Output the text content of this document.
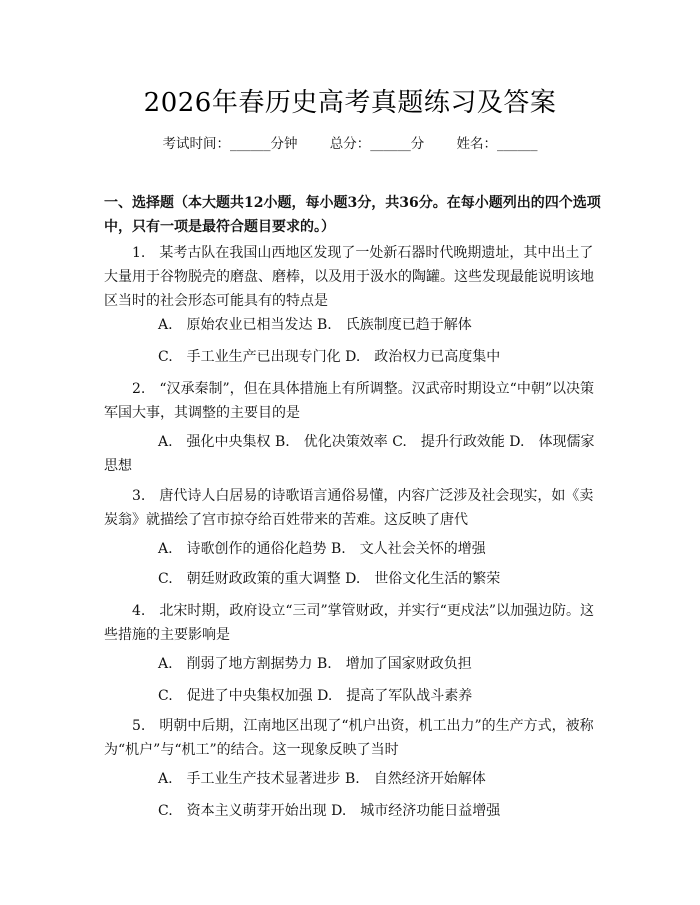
2026年春历史高考真题练习及答案
考试时间：______分钟 总分：______分 姓名：______
一、选择题（本大题共12小题，每小题3分，共36分。在每小题列出的四个选项中，只有一项是最符合题目要求的。）
1.　某考古队在我国山西地区发现了一处新石器时代晚期遗址，其中出土了大量用于谷物脱壳的磨盘、磨棒，以及用于汲水的陶罐。这些发现最能说明该地区当时的社会形态可能具有的特点是
A.　原始农业已相当发达 B.　氏族制度已趋于解体
C.　手工业生产已出现专门化 D.　政治权力已高度集中
2.　“汉承秦制”，但在具体措施上有所调整。汉武帝时期设立“中朝”以决策军国大事，其调整的主要目的是
A.　强化中央集权 B.　优化决策效率 C.　提升行政效能 D.　体现儒家思想
3.　唐代诗人白居易的诗歌语言通俗易懂，内容广泛涉及社会现实，如《卖炭翁》就描绘了宫市掠夺给百姓带来的苦难。这反映了唐代
A.　诗歌创作的通俗化趋势 B.　文人社会关怀的增强
C.　朝廷财政政策的重大调整 D.　世俗文化生活的繁荣
4.　北宋时期，政府设立“三司”掌管财政，并实行“更戍法”以加强边防。这些措施的主要影响是
A.　削弱了地方割据势力 B.　增加了国家财政负担
C.　促进了中央集权加强 D.　提高了军队战斗素养
5.　明朝中后期，江南地区出现了“机户出资，机工出力”的生产方式，被称为“机户”与“机工”的结合。这一现象反映了当时
A.　手工业生产技术显著进步 B.　自然经济开始解体
C.　资本主义萌芽开始出现 D.　城市经济功能日益增强
